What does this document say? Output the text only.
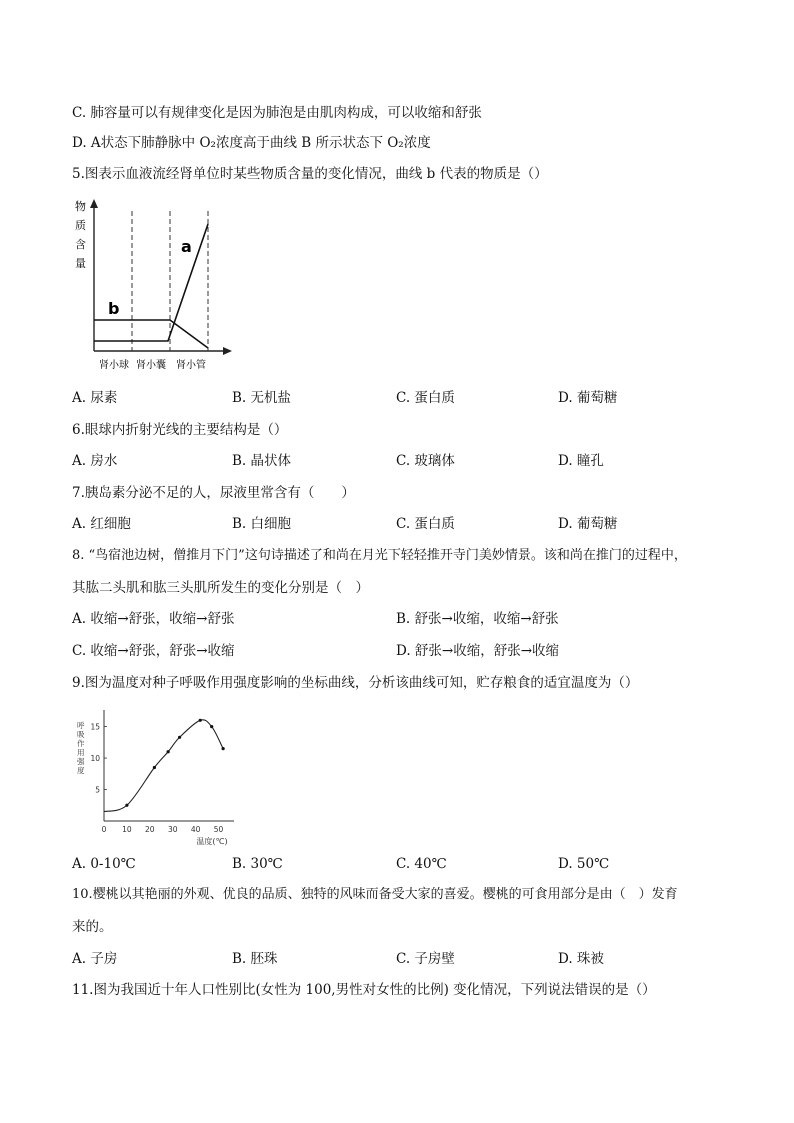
C. 肺容量可以有规律变化是因为肺泡是由肌肉构成，可以收缩和舒张
D. A状态下肺静脉中 O₂浓度高于曲线 B 所示状态下 O₂浓度
5.图表示血液流经肾单位时某些物质含量的变化情况，曲线 b 代表的物质是（）
物
质
含
量
a
b
肾小球 肾小囊 肾小管
A. 尿素	B. 无机盐	C. 蛋白质	D. 葡萄糖
6.眼球内折射光线的主要结构是（）
A. 房水	B. 晶状体	C. 玻璃体	D. 瞳孔
7.胰岛素分泌不足的人，尿液里常含有（　　）
A. 红细胞	B. 白细胞	C. 蛋白质	D. 葡萄糖
8. “鸟宿池边树，僧推月下门”这句诗描述了和尚在月光下轻轻推开寺门美妙情景。该和尚在推门的过程中，
其肱二头肌和肱三头肌所发生的变化分别是（　）
A. 收缩→舒张，收缩→舒张	B. 舒张→收缩，收缩→舒张
C. 收缩→舒张，舒张→收缩	D. 舒张→收缩，舒张→收缩
9.图为温度对种子呼吸作用强度影响的坐标曲线，分析该曲线可知，贮存粮食的适宜温度为（）
呼
吸
作
用
强
度
温度(℃)
0 10 20 30 40 50
5
10
15
A. 0-10℃	B. 30℃	C. 40℃	D. 50℃
10.樱桃以其艳丽的外观、优良的品质、独特的风味而备受大家的喜爱。樱桃的可食用部分是由（　）发育
来的。
A. 子房	B. 胚珠	C. 子房壁	D. 珠被
11.图为我国近十年人口性别比(女性为 100,男性对女性的比例) 变化情况，下列说法错误的是（）
